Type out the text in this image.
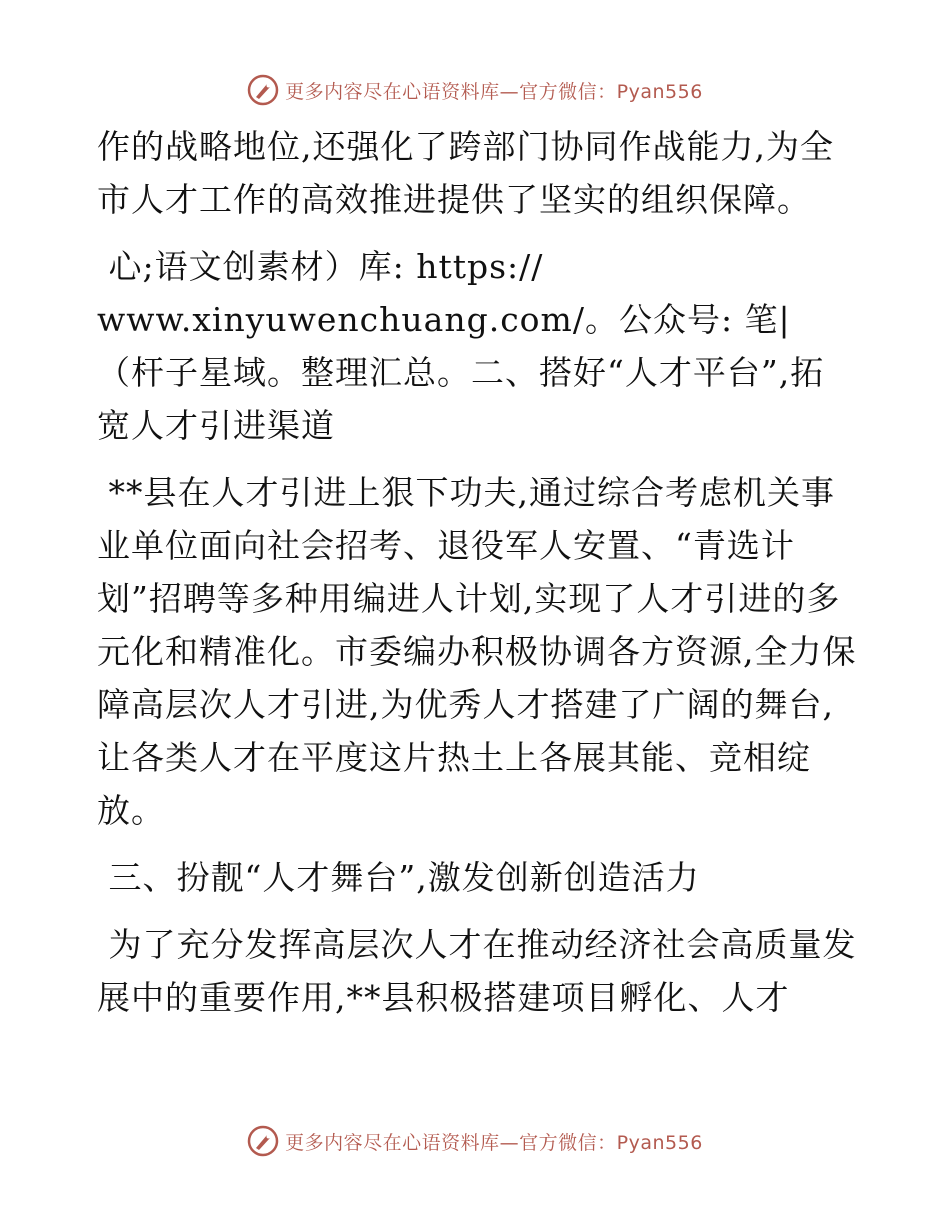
更多内容尽在心语资料库—官方微信：Pyan556

作的战略地位,还强化了跨部门协同作战能力,为全市人才工作的高效推进提供了坚实的组织保障。

心;语文创素材）库: https://

www.xinyuwenchuang.com/。公众号: 笔|（杆子星域。整理汇总。二、搭好“人才平台”,拓宽人才引进渠道

**县在人才引进上狠下功夫,通过综合考虑机关事业单位面向社会招考、退役军人安置、“青选计划”招聘等多种用编进人计划,实现了人才引进的多元化和精准化。市委编办积极协调各方资源,全力保障高层次人才引进,为优秀人才搭建了广阔的舞台,让各类人才在平度这片热土上各展其能、竞相绽放。

三、扮靓“人才舞台”,激发创新创造活力

为了充分发挥高层次人才在推动经济社会高质量发展中的重要作用,**县积极搭建项目孵化、人才

更多内容尽在心语资料库—官方微信：Pyan556
